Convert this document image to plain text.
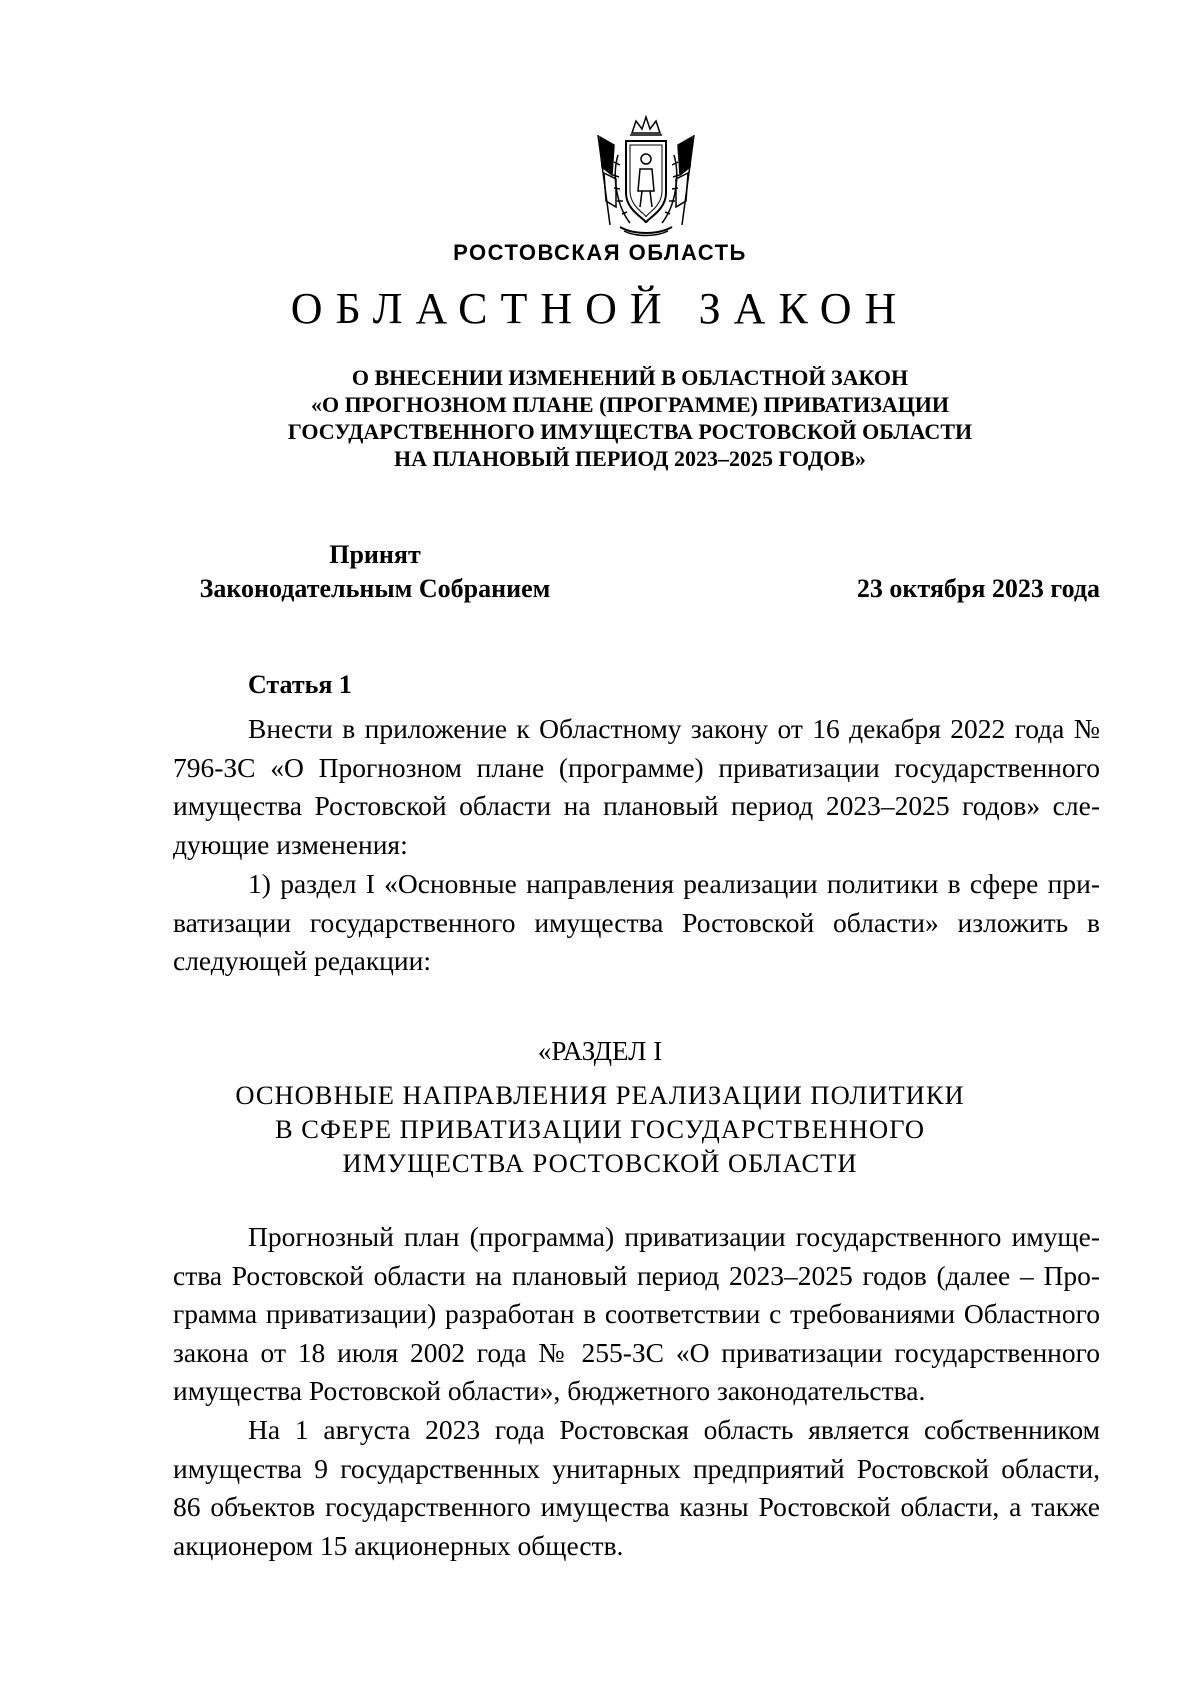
РОСТОВСКАЯ ОБЛАСТЬ
ОБЛАСТНОЙ ЗАКОН
О ВНЕСЕНИИ ИЗМЕНЕНИЙ В ОБЛАСТНОЙ ЗАКОН
«О ПРОГНОЗНОМ ПЛАНЕ (ПРОГРАММЕ) ПРИВАТИЗАЦИИ
ГОСУДАРСТВЕННОГО ИМУЩЕСТВА РОСТОВСКОЙ ОБЛАСТИ
НА ПЛАНОВЫЙ ПЕРИОД 2023–2025 ГОДОВ»
Принят
Законодательным Собранием	23 октября 2023 года
Статья 1

Внести в приложение к Областному закону от 16 декабря 2022 года № 796-ЗС «О Прогнозном плане (программе) приватизации государственного имущества Ростовской области на плановый период 2023–2025 годов» следующие изменения:

1) раздел I «Основные направления реализации политики в сфере приватизации государственного имущества Ростовской области» изложить в следующей редакции:

«РАЗДЕЛ I
ОСНОВНЫЕ НАПРАВЛЕНИЯ РЕАЛИЗАЦИИ ПОЛИТИКИ
В СФЕРЕ ПРИВАТИЗАЦИИ ГОСУДАРСТВЕННОГО
ИМУЩЕСТВА РОСТОВСКОЙ ОБЛАСТИ

Прогнозный план (программа) приватизации государственного имущества Ростовской области на плановый период 2023–2025 годов (далее – Программа приватизации) разработан в соответствии с требованиями Областного закона от 18 июля 2002 года № 255-ЗС «О приватизации государственного имущества Ростовской области», бюджетного законодательства.

На 1 августа 2023 года Ростовская область является собственником имущества 9 государственных унитарных предприятий Ростовской области, 86 объектов государственного имущества казны Ростовской области, а также акционером 15 акционерных обществ.
